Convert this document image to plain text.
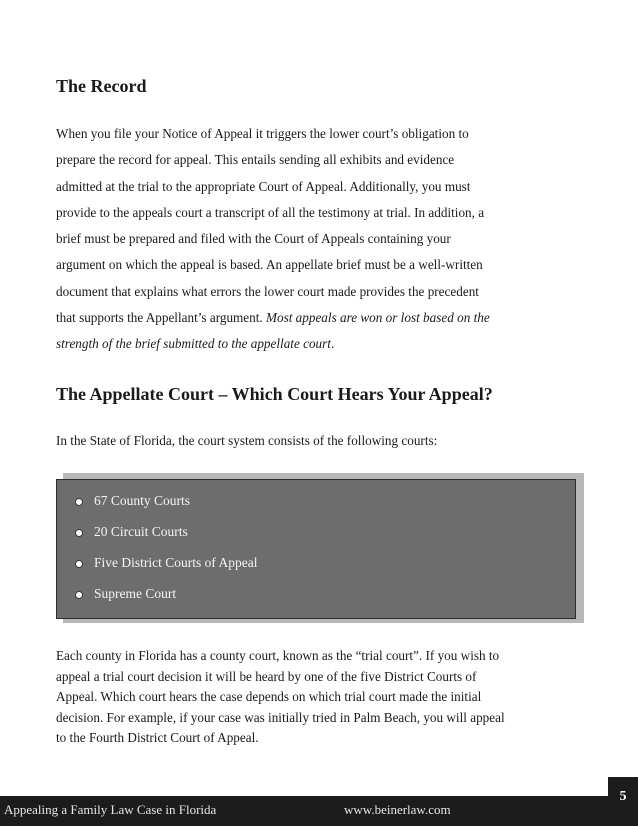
The Record

When you file your Notice of Appeal it triggers the lower court’s obligation to
prepare the record for appeal. This entails sending all exhibits and evidence
admitted at the trial to the appropriate Court of Appeal. Additionally, you must
provide to the appeals court a transcript of all the testimony at trial. In addition, a
brief must be prepared and filed with the Court of Appeals containing your
argument on which the appeal is based. An appellate brief must be a well-written
document that explains what errors the lower court made provides the precedent
that supports the Appellant’s argument. Most appeals are won or lost based on the
strength of the brief submitted to the appellate court.

The Appellate Court – Which Court Hears Your Appeal?

In the State of Florida, the court system consists of the following courts:

67 County Courts
20 Circuit Courts
Five District Courts of Appeal
Supreme Court

Each county in Florida has a county court, known as the “trial court”. If you wish to
appeal a trial court decision it will be heard by one of the five District Courts of
Appeal. Which court hears the case depends on which trial court made the initial
decision. For example, if your case was initially tried in Palm Beach, you will appeal
to the Fourth District Court of Appeal.

Appealing a Family Law Case in Florida	www.beinerlaw.com
5
